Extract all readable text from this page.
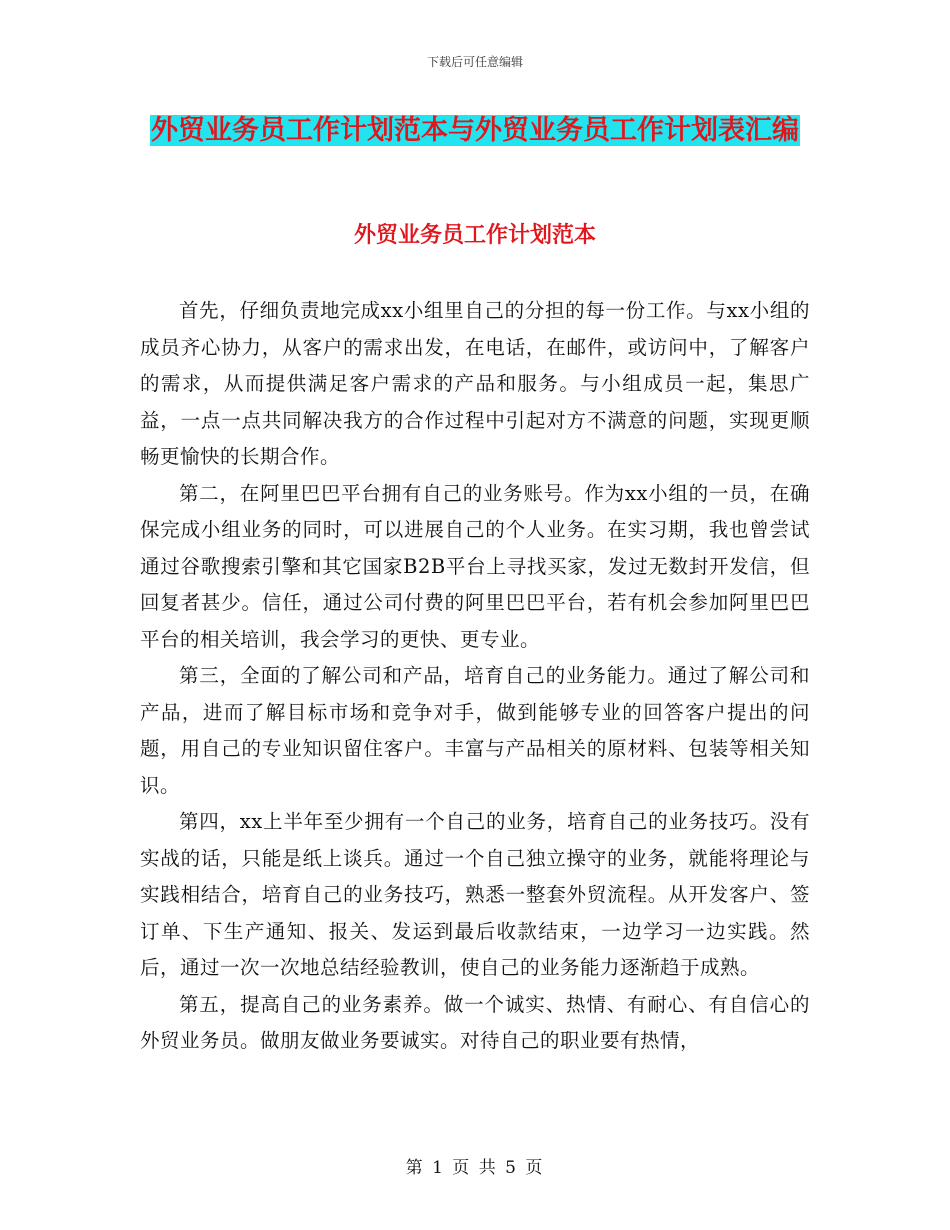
下载后可任意编辑
外贸业务员工作计划范本与外贸业务员工作计划表汇编
外贸业务员工作计划范本

首先，仔细负责地完成xx小组里自己的分担的每一份工作。与xx小组的成员齐心协力，从客户的需求出发，在电话，在邮件，或访问中，了解客户的需求，从而提供满足客户需求的产品和服务。与小组成员一起，集思广益，一点一点共同解决我方的合作过程中引起对方不满意的问题，实现更顺畅更愉快的长期合作。

第二，在阿里巴巴平台拥有自己的业务账号。作为xx小组的一员，在确保完成小组业务的同时，可以进展自己的个人业务。在实习期，我也曾尝试通过谷歌搜索引擎和其它国家B2B平台上寻找买家，发过无数封开发信，但回复者甚少。信任，通过公司付费的阿里巴巴平台，若有机会参加阿里巴巴平台的相关培训，我会学习的更快、更专业。

第三，全面的了解公司和产品，培育自己的业务能力。通过了解公司和产品，进而了解目标市场和竞争对手，做到能够专业的回答客户提出的问题，用自己的专业知识留住客户。丰富与产品相关的原材料、包装等相关知识。

第四，xx上半年至少拥有一个自己的业务，培育自己的业务技巧。没有实战的话，只能是纸上谈兵。通过一个自己独立操守的业务，就能将理论与实践相结合，培育自己的业务技巧，熟悉一整套外贸流程。从开发客户、签订单、下生产通知、报关、发运到最后收款结束，一边学习一边实践。然后，通过一次一次地总结经验教训，使自己的业务能力逐渐趋于成熟。

第五，提高自己的业务素养。做一个诚实、热情、有耐心、有自信心的外贸业务员。做朋友做业务要诚实。对待自己的职业要有热情，

第 1 页 共 5 页
